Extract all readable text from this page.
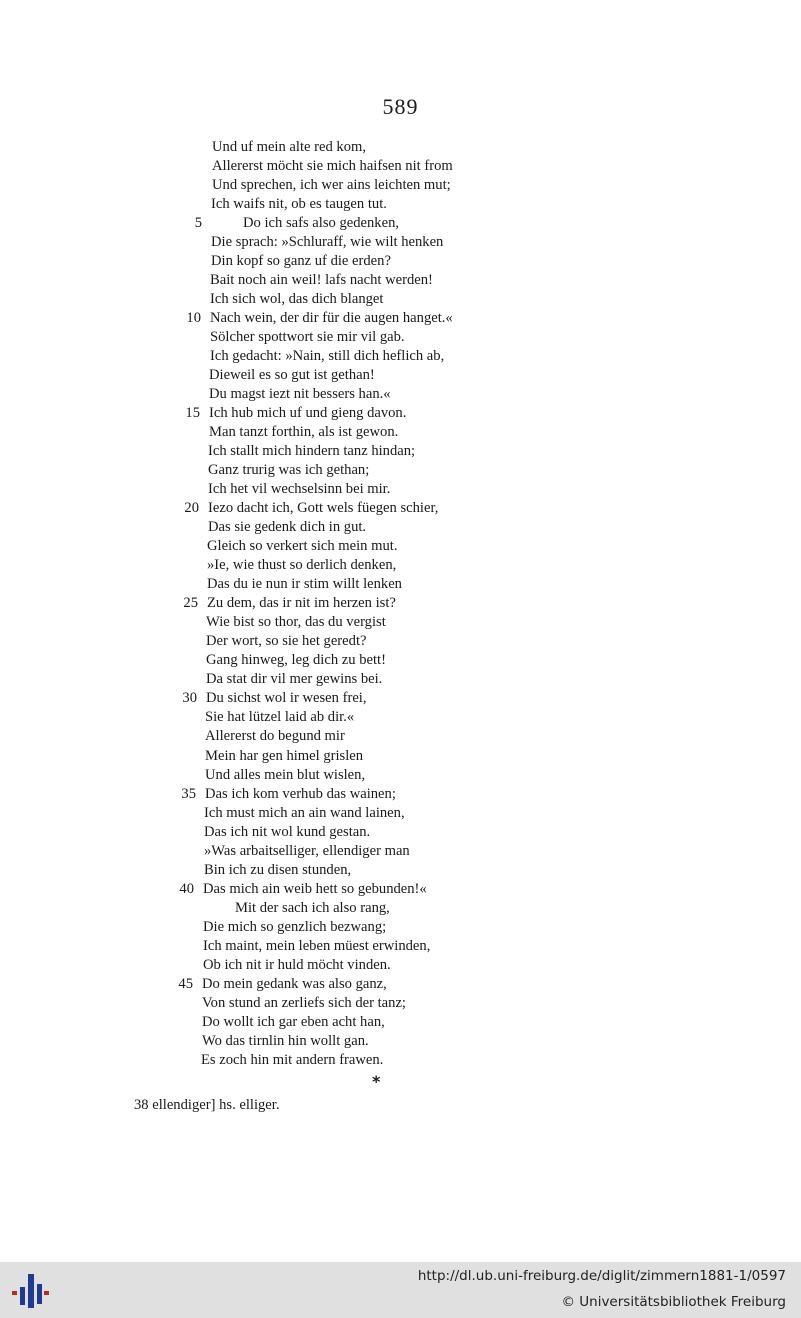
589
Und uf mein alte red kom,
Allererst möcht sie mich haifsen nit from
Und sprechen, ich wer ains leichten mut;
Ich waifs nit, ob es taugen tut.
5	Do ich safs also gedenken,
Die sprach: »Schluraff, wie wilt henken
Din kopf so ganz uf die erden?
Bait noch ain weil! lafs nacht werden!
Ich sich wol, das dich blanget
10 Nach wein, der dir für die augen hanget.«
Sölcher spottwort sie mir vil gab.
Ich gedacht: »Nain, still dich heflich ab,
Dieweil es so gut ist gethan!
Du magst iezt nit bessers han.«
15 Ich hub mich uf und gieng davon.
Man tanzt forthin, als ist gewon.
Ich stallt mich hindern tanz hindan;
Ganz trurig was ich gethan;
Ich het vil wechselsinn bei mir.
20 Iezo dacht ich, Gott wels füegen schier,
Das sie gedenk dich in gut.
Gleich so verkert sich mein mut.
»Ie, wie thust so derlich denken,
Das du ie nun ir stim willt lenken
25 Zu dem, das ir nit im herzen ist?
Wie bist so thor, das du vergist
Der wort, so sie het geredt?
Gang hinweg, leg dich zu bett!
Da stat dir vil mer gewins bei.
30 Du sichst wol ir wesen frei,
Sie hat lützel laid ab dir.«
Allererst do begund mir
Mein har gen himel grislen
Und alles mein blut wislen,
35 Das ich kom verhub das wainen;
Ich must mich an ain wand lainen,
Das ich nit wol kund gestan.
»Was arbaitselliger, ellendiger man
Bin ich zu disen stunden,
40 Das mich ain weib hett so gebunden!«
Mit der sach ich also rang,
Die mich so genzlich bezwang;
Ich maint, mein leben müest erwinden,
Ob ich nit ir huld möcht vinden.
45 Do mein gedank was also ganz,
Von stund an zerliefs sich der tanz;
Do wollt ich gar eben acht han,
Wo das tirnlin hin wollt gan.
Es zoch hin mit andern frawen.
*
38 ellendiger] hs. elliger.
http://dl.ub.uni-freiburg.de/diglit/zimmern1881-1/0597
© Universitätsbibliothek Freiburg
